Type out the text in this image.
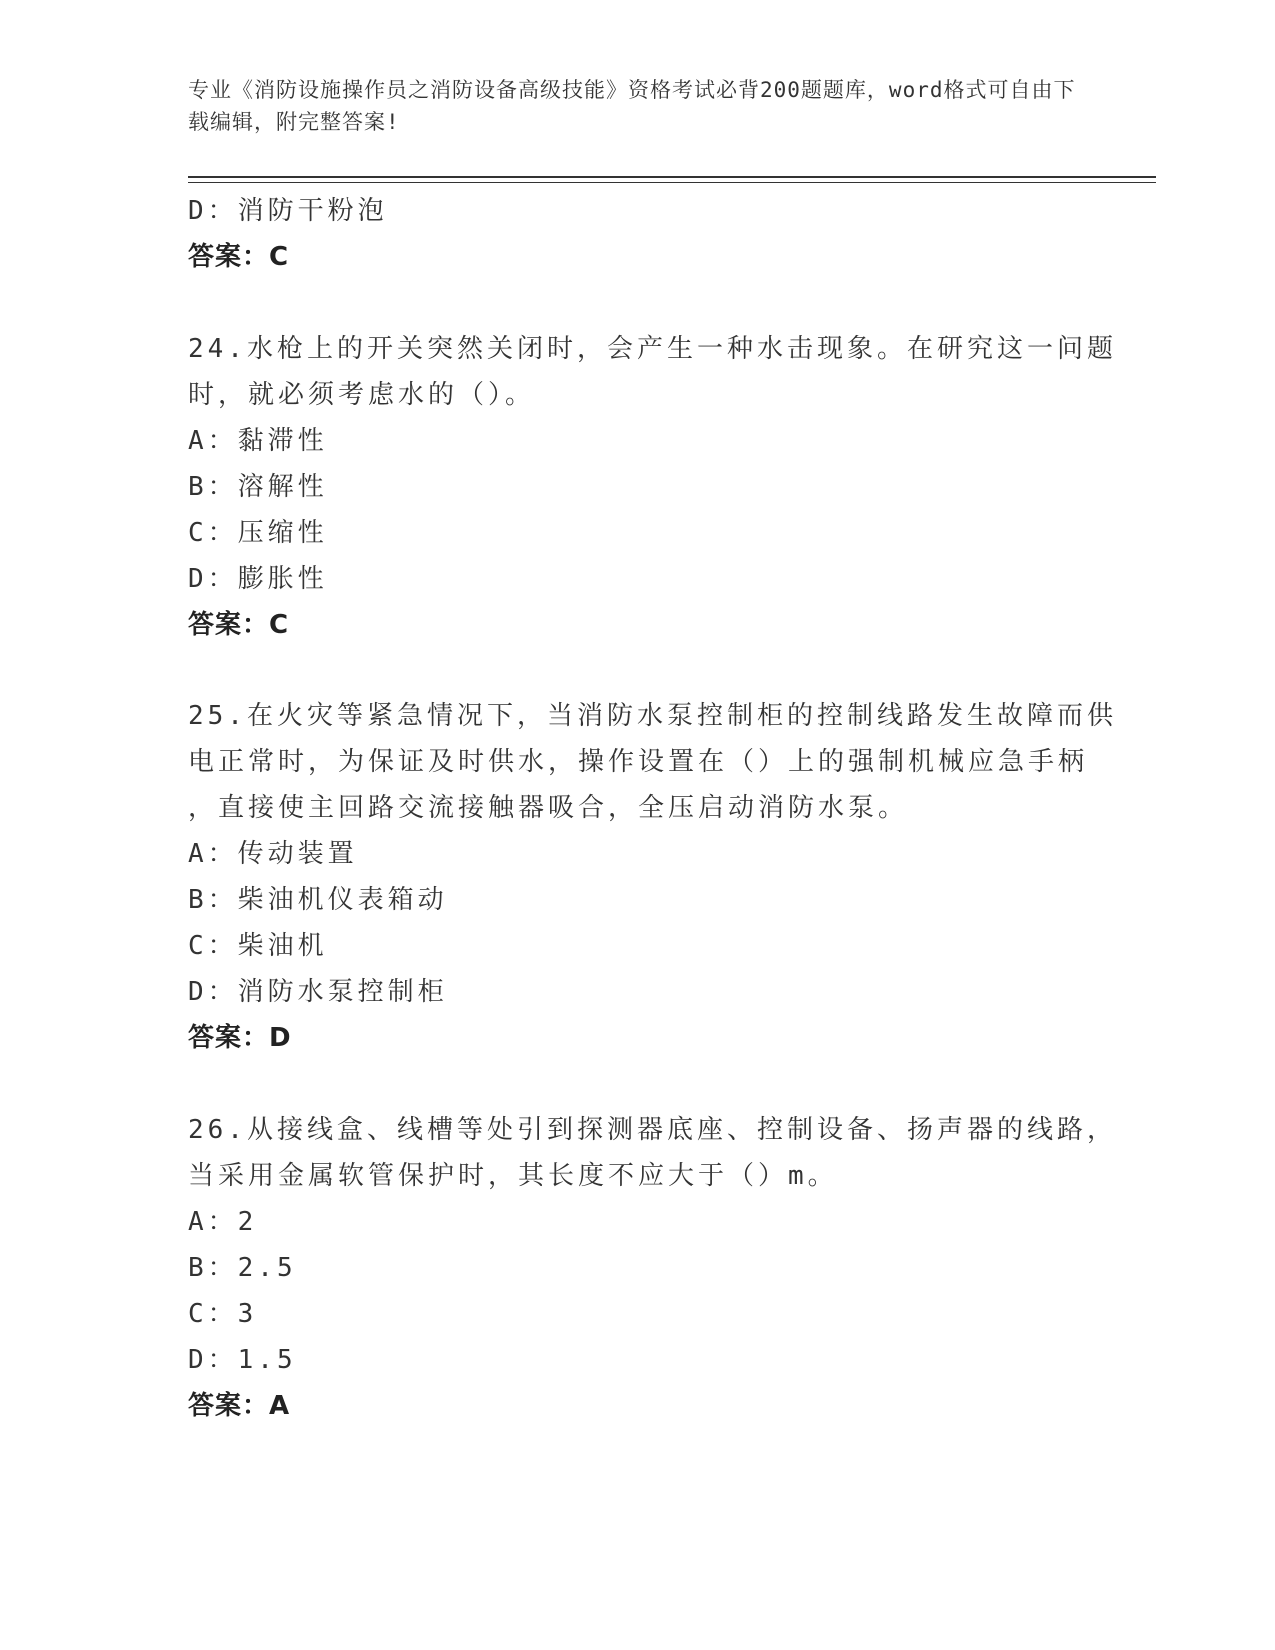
专业《消防设施操作员之消防设备高级技能》资格考试必背200题题库，word格式可自由下载编辑，附完整答案!
D：消防干粉泡
答案：C
24.水枪上的开关突然关闭时，会产生一种水击现象。在研究这一问题
时，就必须考虑水的（）。
A：黏滞性
B：溶解性
C：压缩性
D：膨胀性
答案：C
25.在火灾等紧急情况下，当消防水泵控制柜的控制线路发生故障而供
电正常时，为保证及时供水，操作设置在（）上的强制机械应急手柄
，直接使主回路交流接触器吸合，全压启动消防水泵。
A：传动装置
B：柴油机仪表箱动
C：柴油机
D：消防水泵控制柜
答案：D
26.从接线盒、线槽等处引到探测器底座、控制设备、扬声器的线路，
当采用金属软管保护时，其长度不应大于（）m。
A：2
B：2.5
C：3
D：1.5
答案：A
